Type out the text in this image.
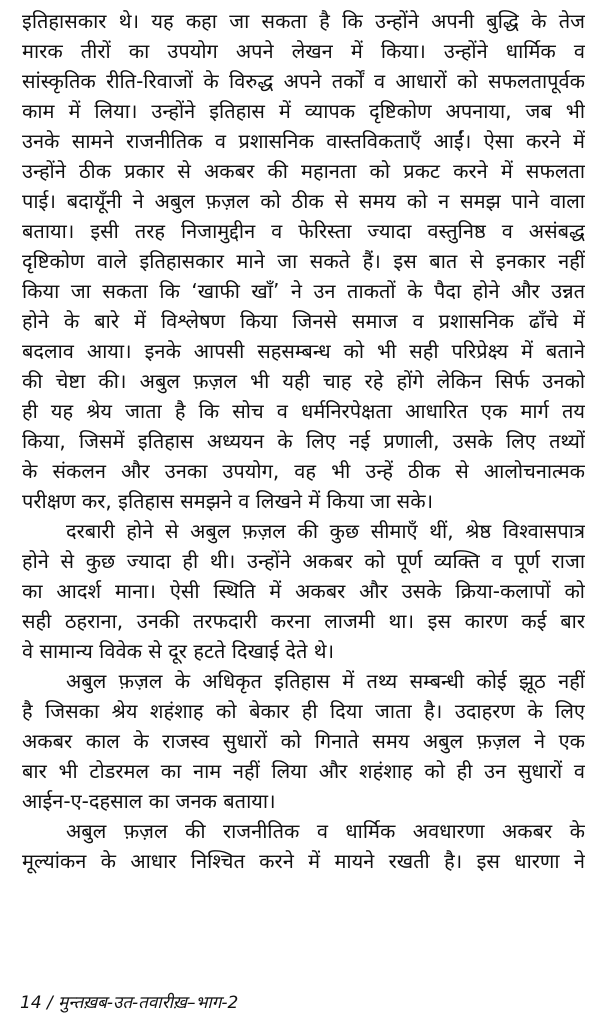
इतिहासकार थे। यह कहा जा सकता है कि उन्होंने अपनी बुद्धि के तेज
मारक तीरों का उपयोग अपने लेखन में किया। उन्होंने धार्मिक व
सांस्कृतिक रीति-रिवाजों के विरुद्ध अपने तर्कों व आधारों को सफलतापूर्वक
काम में लिया। उन्होंने इतिहास में व्यापक दृष्टिकोण अपनाया, जब भी
उनके सामने राजनीतिक व प्रशासनिक वास्तविकताएँ आईं। ऐसा करने में
उन्होंने ठीक प्रकार से अकबर की महानता को प्रकट करने में सफलता
पाई। बदायूँनी ने अबुल फ़ज़ल को ठीक से समय को न समझ पाने वाला
बताया। इसी तरह निजामुद्दीन व फेरिस्ता ज्यादा वस्तुनिष्ठ व असंबद्ध
दृष्टिकोण वाले इतिहासकार माने जा सकते हैं। इस बात से इनकार नहीं
किया जा सकता कि ‘खाफी खाँ’ ने उन ताकतों के पैदा होने और उन्नत
होने के बारे में विश्लेषण किया जिनसे समाज व प्रशासनिक ढाँचे में
बदलाव आया। इनके आपसी सहसम्बन्ध को भी सही परिप्रेक्ष्य में बताने
की चेष्टा की। अबुल फ़ज़ल भी यही चाह रहे होंगे लेकिन सिर्फ उनको
ही यह श्रेय जाता है कि सोच व धर्मनिरपेक्षता आधारित एक मार्ग तय
किया, जिसमें इतिहास अध्ययन के लिए नई प्रणाली, उसके लिए तथ्यों
के संकलन और उनका उपयोग, वह भी उन्हें ठीक से आलोचनात्मक
परीक्षण कर, इतिहास समझने व लिखने में किया जा सके।
दरबारी होने से अबुल फ़ज़ल की कुछ सीमाएँ थीं, श्रेष्ठ विश्वासपात्र
होने से कुछ ज्यादा ही थी। उन्होंने अकबर को पूर्ण व्यक्ति व पूर्ण राजा
का आदर्श माना। ऐसी स्थिति में अकबर और उसके क्रिया-कलापों को
सही ठहराना, उनकी तरफदारी करना लाजमी था। इस कारण कई बार
वे सामान्य विवेक से दूर हटते दिखाई देते थे।
अबुल फ़ज़ल के अधिकृत इतिहास में तथ्य सम्बन्धी कोई झूठ नहीं
है जिसका श्रेय शहंशाह को बेकार ही दिया जाता है। उदाहरण के लिए
अकबर काल के राजस्व सुधारों को गिनाते समय अबुल फ़ज़ल ने एक
बार भी टोडरमल का नाम नहीं लिया और शहंशाह को ही उन सुधारों व
आईन-ए-दहसाल का जनक बताया।
अबुल फ़ज़ल की राजनीतिक व धार्मिक अवधारणा अकबर के
मूल्यांकन के आधार निश्चित करने में मायने रखती है। इस धारणा ने
14 / मुन्तख़ब-उत-तवारीख़–भाग-2
